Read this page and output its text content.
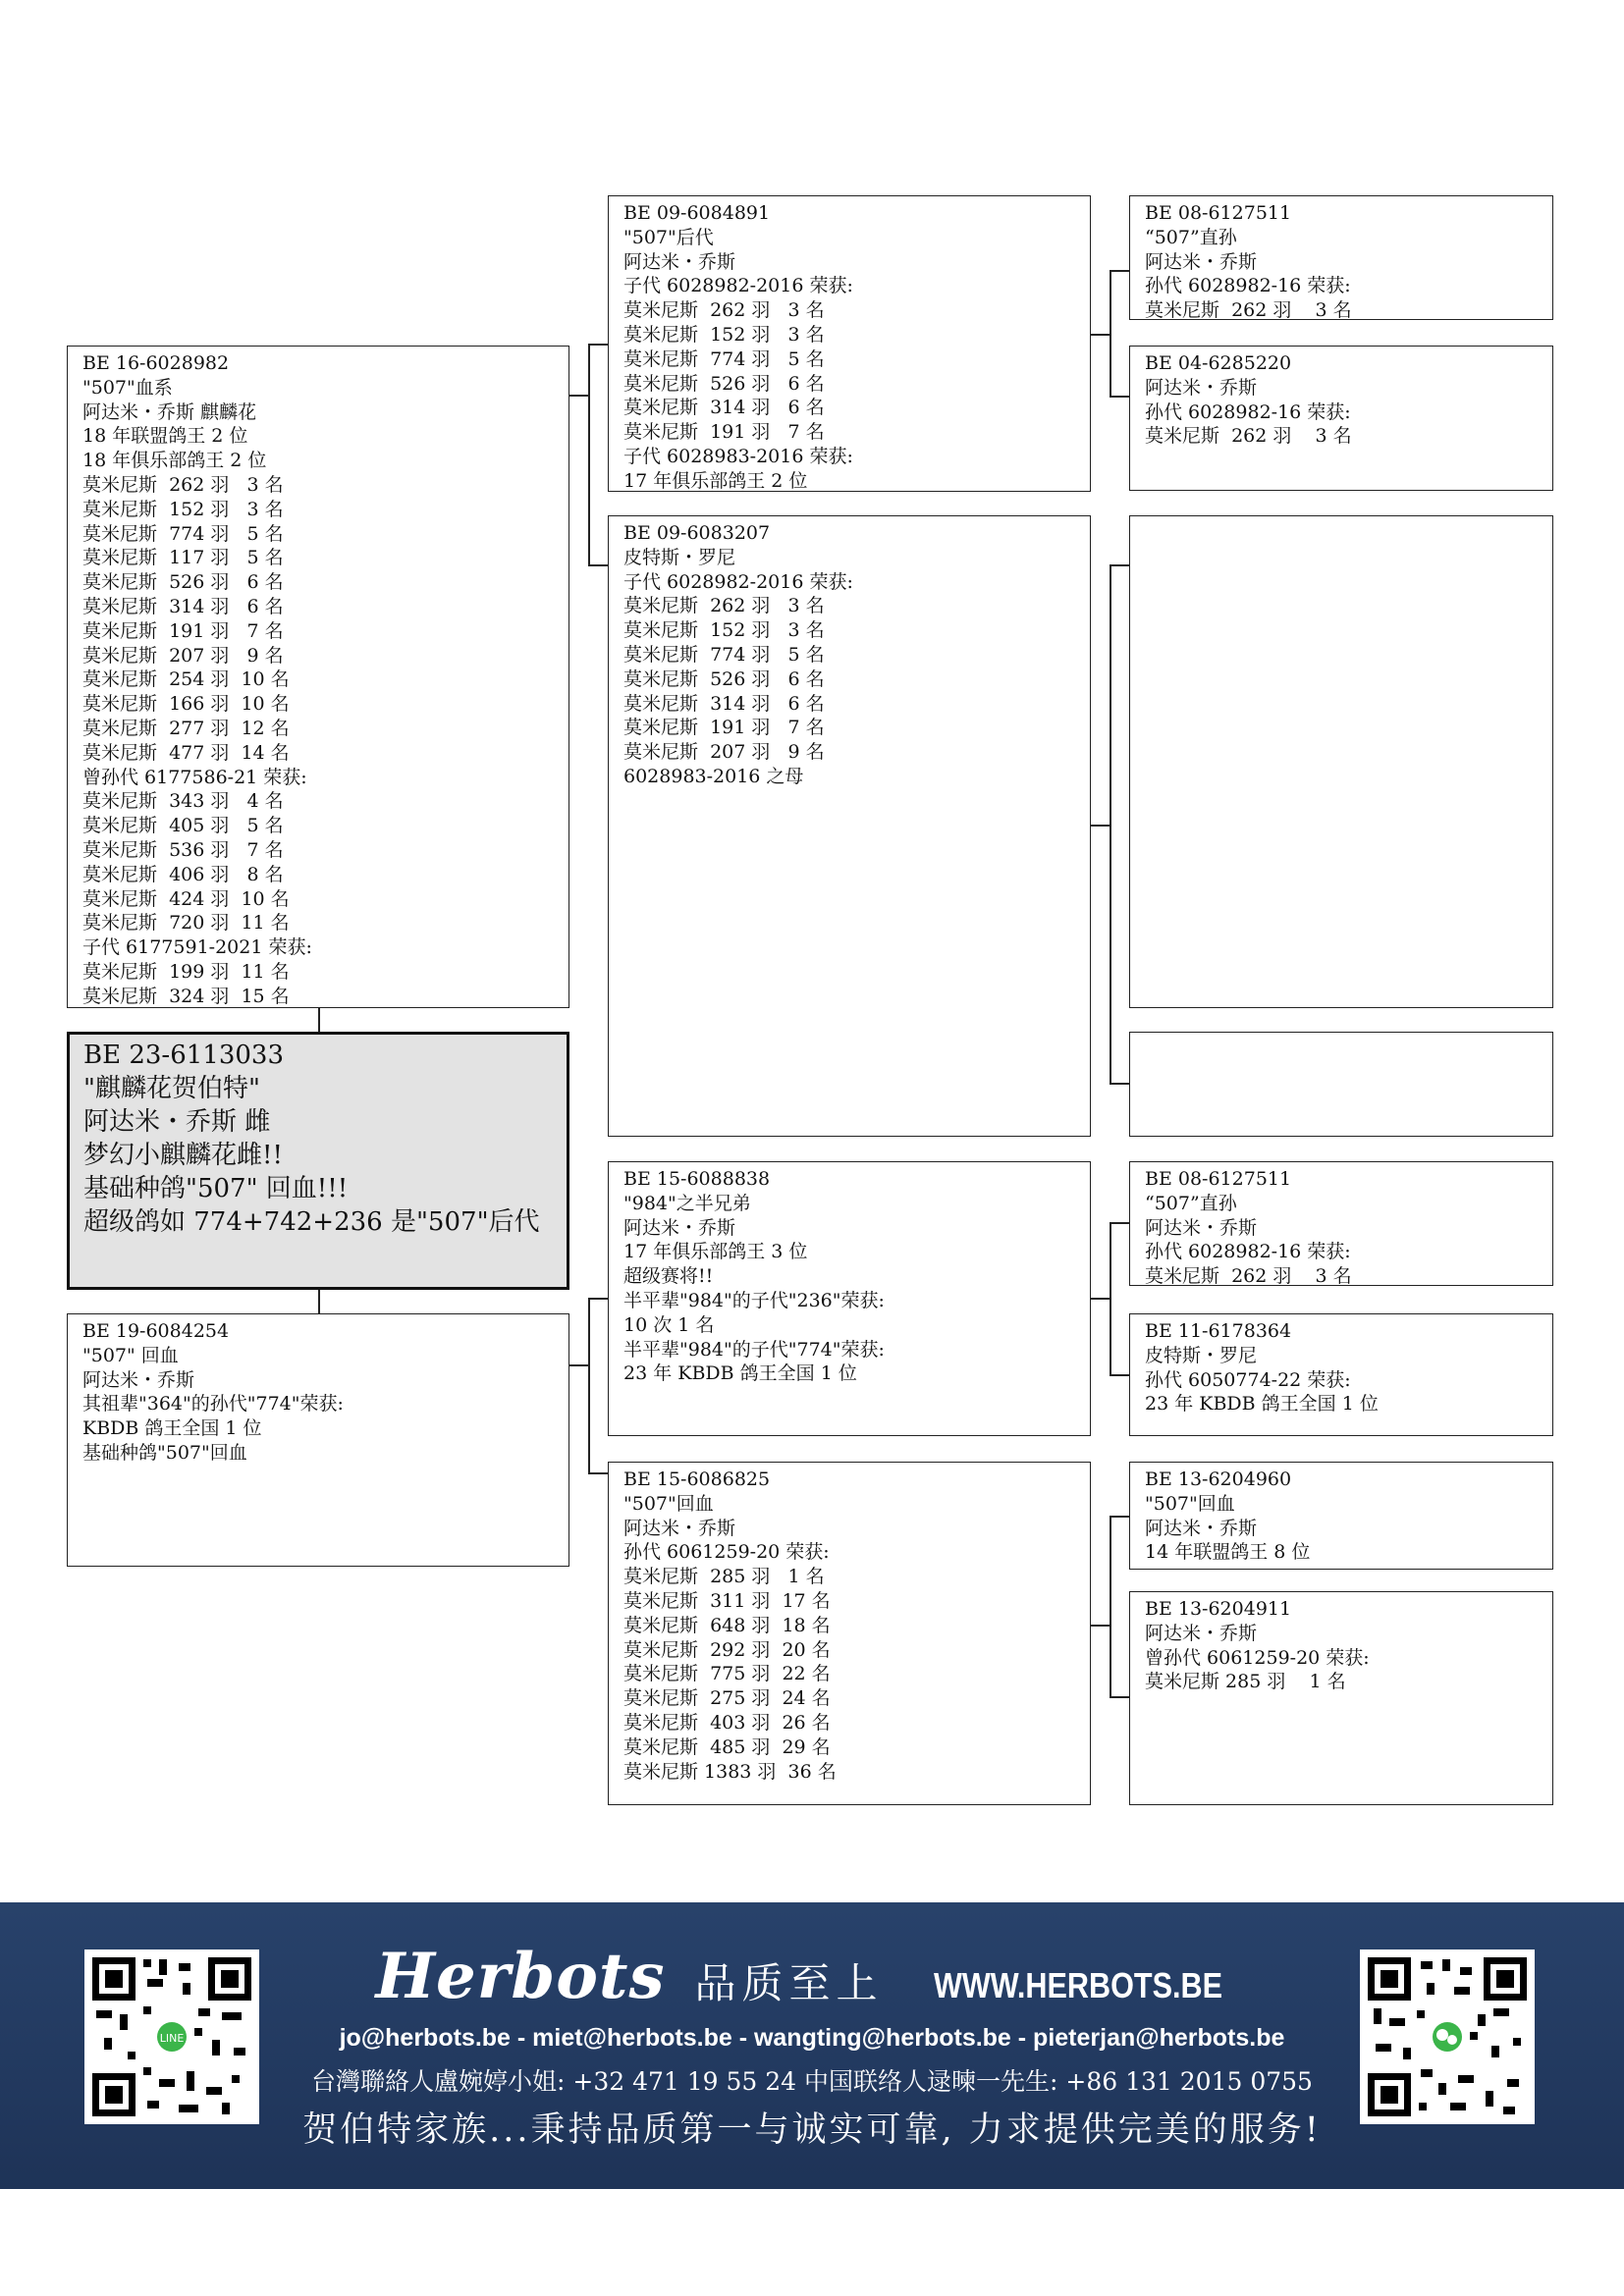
BE 16-6028982
"507"血系
阿达米・乔斯 麒麟花
18 年联盟鸽王 2 位
18 年俱乐部鸽王 2 位
莫米尼斯  262 羽   3 名
莫米尼斯  152 羽   3 名
莫米尼斯  774 羽   5 名
莫米尼斯  117 羽   5 名
莫米尼斯  526 羽   6 名
莫米尼斯  314 羽   6 名
莫米尼斯  191 羽   7 名
莫米尼斯  207 羽   9 名
莫米尼斯  254 羽  10 名
莫米尼斯  166 羽  10 名
莫米尼斯  277 羽  12 名
莫米尼斯  477 羽  14 名
曾孙代 6177586-21 荣获:
莫米尼斯  343 羽   4 名
莫米尼斯  405 羽   5 名
莫米尼斯  536 羽   7 名
莫米尼斯  406 羽   8 名
莫米尼斯  424 羽  10 名
莫米尼斯  720 羽  11 名
子代 6177591-2021 荣获:
莫米尼斯  199 羽  11 名
莫米尼斯  324 羽  15 名
BE 23-6113033
"麒麟花贺伯特"
阿达米・乔斯 雌
梦幻小麒麟花雌!!
基础种鸽"507" 回血!!!
超级鸽如 774+742+236 是"507"后代
BE 19-6084254
"507" 回血
阿达米・乔斯
其祖辈"364"的孙代"774"荣获:
KBDB 鸽王全国 1 位
基础种鸽"507"回血
BE 09-6084891
"507"后代
阿达米・乔斯
子代 6028982-2016 荣获:
莫米尼斯  262 羽   3 名
莫米尼斯  152 羽   3 名
莫米尼斯  774 羽   5 名
莫米尼斯  526 羽   6 名
莫米尼斯  314 羽   6 名
莫米尼斯  191 羽   7 名
子代 6028983-2016 荣获:
17 年俱乐部鸽王 2 位
BE 09-6083207
皮特斯・罗尼
子代 6028982-2016 荣获:
莫米尼斯  262 羽   3 名
莫米尼斯  152 羽   3 名
莫米尼斯  774 羽   5 名
莫米尼斯  526 羽   6 名
莫米尼斯  314 羽   6 名
莫米尼斯  191 羽   7 名
莫米尼斯  207 羽   9 名
6028983-2016 之母
BE 15-6088838
"984"之半兄弟
阿达米・乔斯
17 年俱乐部鸽王 3 位
超级赛将!!
半平辈"984"的子代"236"荣获:
10 次 1 名
半平辈"984"的子代"774"荣获:
23 年 KBDB 鸽王全国 1 位
BE 15-6086825
"507"回血
阿达米・乔斯
孙代 6061259-20 荣获:
莫米尼斯  285 羽   1 名
莫米尼斯  311 羽  17 名
莫米尼斯  648 羽  18 名
莫米尼斯  292 羽  20 名
莫米尼斯  775 羽  22 名
莫米尼斯  275 羽  24 名
莫米尼斯  403 羽  26 名
莫米尼斯  485 羽  29 名
莫米尼斯 1383 羽  36 名
BE 08-6127511
“507”直孙
阿达米・乔斯
孙代 6028982-16 荣获:
莫米尼斯  262 羽    3 名
BE 04-6285220
阿达米・乔斯
孙代 6028982-16 荣获:
莫米尼斯  262 羽    3 名
BE 08-6127511
“507”直孙
阿达米・乔斯
孙代 6028982-16 荣获:
莫米尼斯  262 羽    3 名
BE 11-6178364
皮特斯・罗尼
孙代 6050774-22 荣获:
23 年 KBDB 鸽王全国 1 位
BE 13-6204960
"507"回血
阿达米・乔斯
14 年联盟鸽王 8 位
BE 13-6204911
阿达米・乔斯
曾孙代 6061259-20 荣获:
莫米尼斯 285 羽    1 名
LINE
Herbots 品质至上 WWW.HERBOTS.BE
jo@herbots.be - miet@herbots.be - wangting@herbots.be - pieterjan@herbots.be
台灣聯絡人盧婉婷小姐: +32 471 19 55 24 中国联络人逯暕一先生: +86 131 2015 0755
贺伯特家族...秉持品质第一与诚实可靠, 力求提供完美的服务!
